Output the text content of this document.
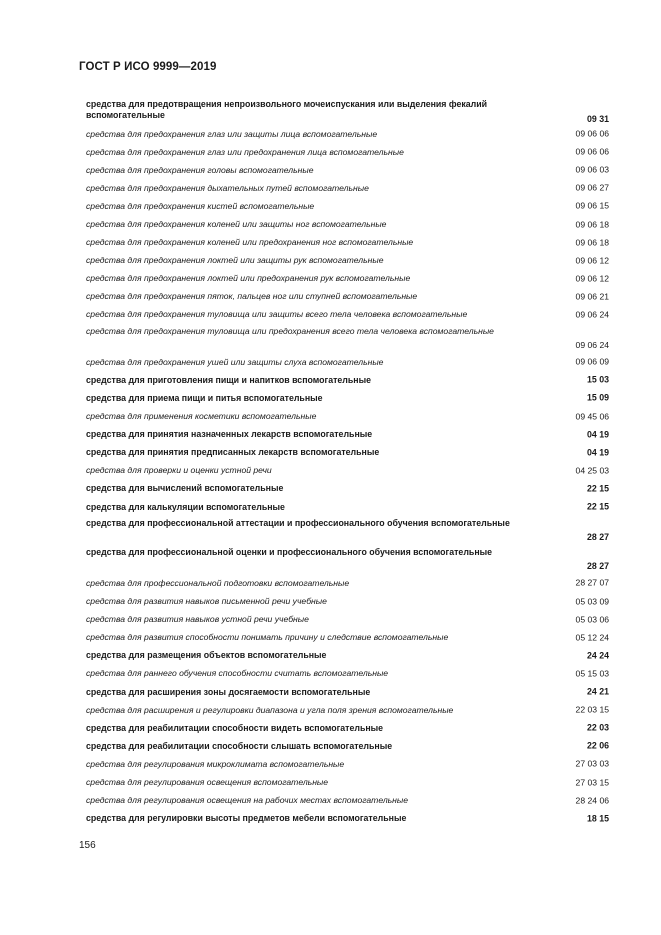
ГОСТ Р ИСО 9999—2019
средства для предотвращения непроизвольного мочеиспускания или выделения фекалий вспомогательные	09 31
средства для предохранения глаз или защиты лица вспомогательные	09 06 06
средства для предохранения глаз или предохранения лица вспомогательные	09 06 06
средства для предохранения головы вспомогательные	09 06 03
средства для предохранения дыхательных путей вспомогательные	09 06 27
средства для предохранения кистей вспомогательные	09 06 15
средства для предохранения коленей или защиты ног вспомогательные	09 06 18
средства для предохранения коленей или предохранения ног вспомогательные	09 06 18
средства для предохранения локтей или защиты рук вспомогательные	09 06 12
средства для предохранения локтей или предохранения рук вспомогательные	09 06 12
средства для предохранения пяток, пальцев ног или ступней вспомогательные	09 06 21
средства для предохранения туловища или защиты всего тела человека вспомогательные	09 06 24
средства для предохранения туловища или предохранения всего тела человека вспомогательные
09 06 24
средства для предохранения ушей или защиты слуха вспомогательные	09 06 09
средства для приготовления пищи и напитков вспомогательные	15 03
средства для приема пищи и питья вспомогательные	15 09
средства для применения косметики вспомогательные	09 45 06
средства для принятия назначенных лекарств вспомогательные	04 19
средства для принятия предписанных лекарств вспомогательные	04 19
средства для проверки и оценки устной речи	04 25 03
средства для вычислений вспомогательные	22 15
средства для калькуляции вспомогательные	22 15
средства для профессиональной аттестации и профессионального обучения вспомогательные
28 27
средства для профессиональной оценки и профессионального обучения вспомогательные
28 27
средства для профессиональной подготовки вспомогательные	28 27 07
средства для развития навыков письменной речи учебные	05 03 09
средства для развития навыков устной речи учебные	05 03 06
средства для развития способности понимать причину и следствие вспомогательные	05 12 24
средства для размещения объектов вспомогательные	24 24
средства для раннего обучения способности считать вспомогательные	05 15 03
средства для расширения зоны досягаемости вспомогательные	24 21
средства для расширения и регулировки диапазона и угла поля зрения вспомогательные	22 03 15
средства для реабилитации способности видеть вспомогательные	22 03
средства для реабилитации способности слышать вспомогательные	22 06
средства для регулирования микроклимата вспомогательные	27 03 03
средства для регулирования освещения вспомогательные	27 03 15
средства для регулирования освещения на рабочих местах вспомогательные	28 24 06
средства для регулировки высоты предметов мебели вспомогательные	18 15
156
